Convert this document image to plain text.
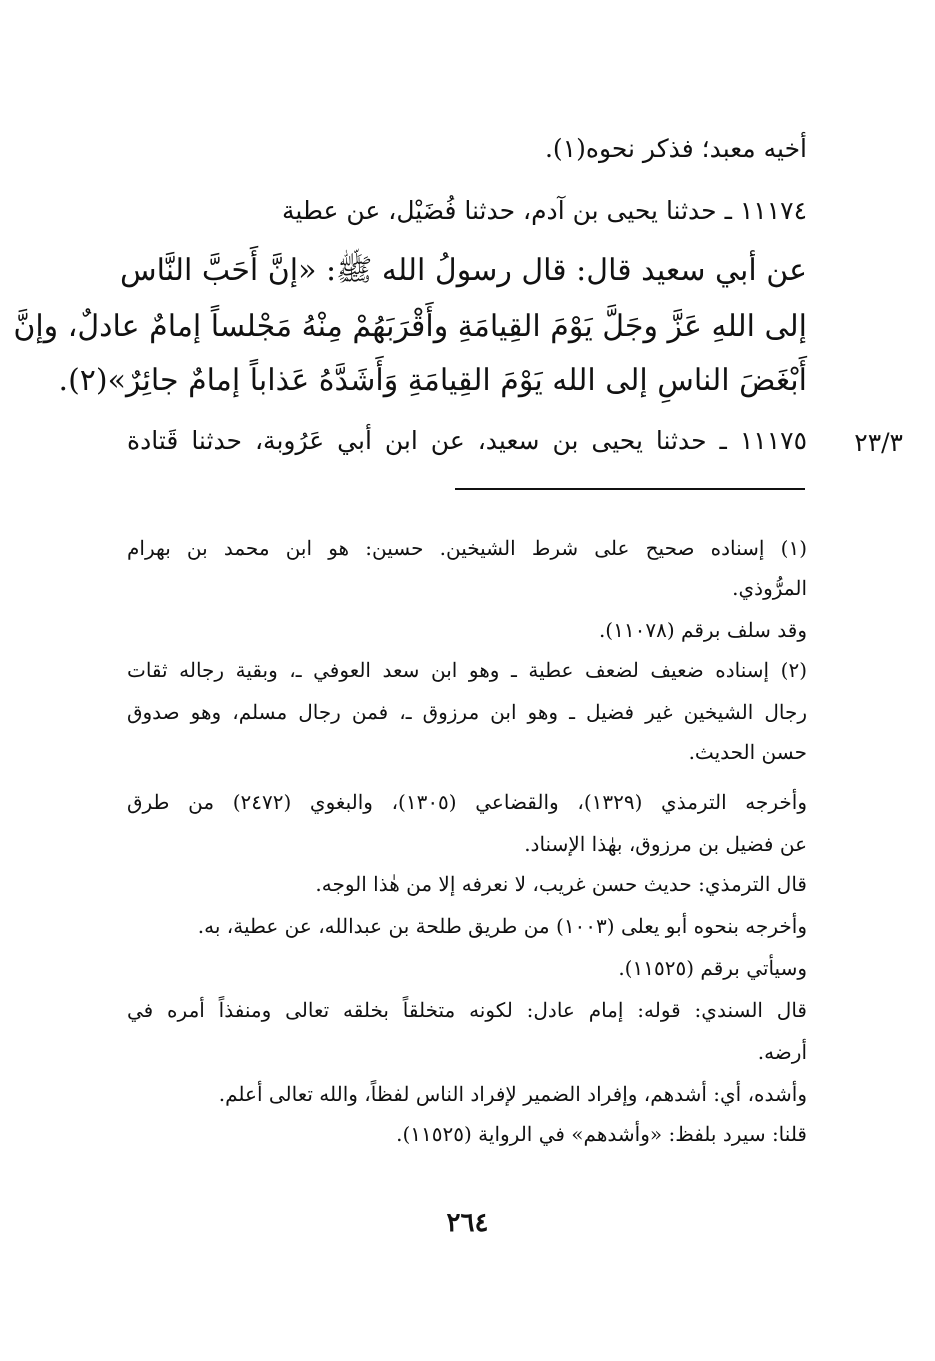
أخيه معبد؛ فذكر نحوه(١).
١١١٧٤ ـ حدثنا يحيى بن آدم، حدثنا فُضَيْل، عن عطية
عن أبي سعيد قال: قال رسولُ الله ﷺ: «إنَّ أَحَبَّ النَّاس
إلى اللهِ عَزَّ وجَلَّ يَوْمَ القِيامَةِ وأَقْرَبَهُمْ مِنْهُ مَجْلساً إمامٌ عادلٌ، وإنَّ
أَبْغَضَ الناسِ إلى الله يَوْمَ القِيامَةِ وَأَشَدَّهُ عَذاباً إمامٌ جائِرٌ»(٢).
١١١٧٥ ـ حدثنا يحيى بن سعيد، عن ابن أبي عَرُوبة، حدثنا قَتادة ٢٣/٣
(١) إسناده صحيح على شرط الشيخين. حسين: هو ابن محمد بن بهرام
المرُّوذي.
وقد سلف برقم (١١٠٧٨).
(٢) إسناده ضعيف لضعف عطية ـ وهو ابن سعد العوفي ـ، وبقية رجاله ثقات
رجال الشيخين غير فضيل ـ وهو ابن مرزوق ـ، فمن رجال مسلم، وهو صدوق
حسن الحديث.
وأخرجه الترمذي (١٣٢٩)، والقضاعي (١٣٠٥)، والبغوي (٢٤٧٢) من طرق
عن فضيل بن مرزوق، بهٰذا الإسناد.
قال الترمذي: حديث حسن غريب، لا نعرفه إلا من هٰذا الوجه.
وأخرجه بنحوه أبو يعلى (١٠٠٣) من طريق طلحة بن عبدالله، عن عطية، به.
وسيأتي برقم (١١٥٢٥).
قال السندي: قوله: إمام عادل: لكونه متخلقاً بخلقه تعالى ومنفذاً أمره في
أرضه.
وأشده، أي: أشدهم، وإفراد الضمير لإفراد الناس لفظاً، والله تعالى أعلم.
قلنا: سيرد بلفظ: «وأشدهم» في الرواية (١١٥٢٥).
٢٦٤
